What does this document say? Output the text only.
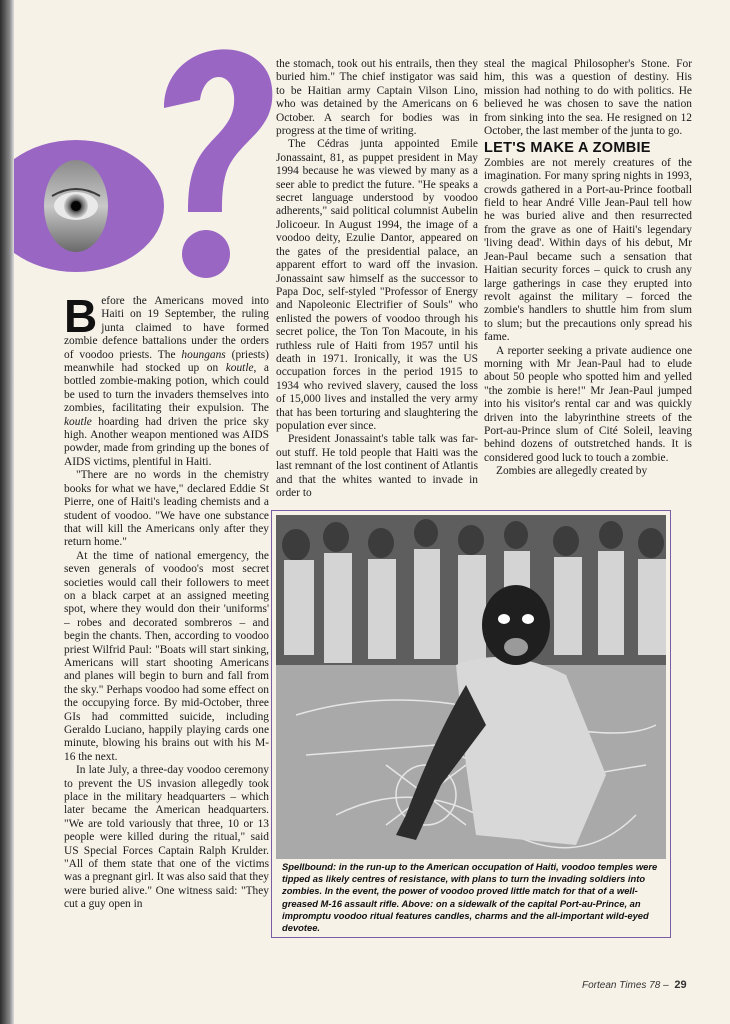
Before the Americans moved into Haiti on 19 September, the ruling junta claimed to have formed zombie defence battalions under the orders of voodoo priests. The houngans (priests) meanwhile had stocked up on koutle, a bottled zombie-making potion, which could be used to turn the invaders themselves into zombies, facilitating their expulsion. The koutle hoarding had driven the price sky high. Another weapon mentioned was AIDS powder, made from grinding up the bones of AIDS victims, plentiful in Haiti.

"There are no words in the chemistry books for what we have," declared Eddie St Pierre, one of Haiti's leading chemists and a student of voodoo. "We have one substance that will kill the Americans only after they return home."

At the time of national emergency, the seven generals of voodoo's most secret societies would call their followers to meet on a black carpet at an assigned meeting spot, where they would don their 'uniforms' – robes and decorated sombreros – and begin the chants. Then, according to voodoo priest Wilfrid Paul: "Boats will start sinking, Americans will start shooting Americans and planes will begin to burn and fall from the sky." Perhaps voodoo had some effect on the occupying force. By mid-October, three GIs had committed suicide, including Geraldo Luciano, happily playing cards one minute, blowing his brains out with his M-16 the next.

In late July, a three-day voodoo ceremony to prevent the US invasion allegedly took place in the military headquarters – which later became the American headquarters. "We are told variously that three, 10 or 13 people were killed during the ritual," said US Special Forces Captain Ralph Krulder. "All of them state that one of the victims was a pregnant girl. It was also said that they were buried alive." One witness said: "They cut a guy open in

the stomach, took out his entrails, then they buried him." The chief instigator was said to be Haitian army Captain Vilson Lino, who was detained by the Americans on 6 October. A search for bodies was in progress at the time of writing.

The Cédras junta appointed Emile Jonassaint, 81, as puppet president in May 1994 because he was viewed by many as a seer able to predict the future. "He speaks a secret language understood by voodoo adherents," said political columnist Aubelin Jolicoeur. In August 1994, the image of a voodoo deity, Ezulie Dantor, appeared on the gates of the presidential palace, an apparent effort to ward off the invasion. Jonassaint saw himself as the successor to Papa Doc, self-styled "Professor of Energy and Napoleonic Electrifier of Souls" who enlisted the powers of voodoo through his secret police, the Ton Ton Macoute, in his ruthless rule of Haiti from 1957 until his death in 1971. Ironically, it was the US occupation forces in the period 1915 to 1934 who revived slavery, caused the loss of 15,000 lives and installed the very army that has been torturing and slaughtering the population ever since.

President Jonassaint's table talk was far-out stuff. He told people that Haiti was the last remnant of the lost continent of Atlantis and that the whites wanted to invade in order to

steal the magical Philosopher's Stone. For him, this was a question of destiny. His mission had nothing to do with politics. He believed he was chosen to save the nation from sinking into the sea. He resigned on 12 October, the last member of the junta to go.

LET'S MAKE A ZOMBIE

Zombies are not merely creatures of the imagination. For many spring nights in 1993, crowds gathered in a Port-au-Prince football field to hear André Ville Jean-Paul tell how he was buried alive and then resurrected from the grave as one of Haiti's legendary 'living dead'. Within days of his debut, Mr Jean-Paul became such a sensation that Haitian security forces – quick to crush any large gatherings in case they erupted into revolt against the military – forced the zombie's handlers to shuttle him from slum to slum; but the precautions only spread his fame.

A reporter seeking a private audience one morning with Mr Jean-Paul had to elude about 50 people who spotted him and yelled "the zombie is here!" Mr Jean-Paul jumped into his visitor's rental car and was quickly driven into the labyrinthine streets of the Port-au-Prince slum of Cité Soleil, leaving behind dozens of outstretched hands. It is considered good luck to touch a zombie.

Zombies are allegedly created by

Spellbound: in the run-up to the American occupation of Haiti, voodoo temples were tipped as likely centres of resistance, with plans to turn the invading soldiers into zombies. In the event, the power of voodoo proved little match for that of a well-greased M-16 assault rifle. Above: on a sidewalk of the capital Port-au-Prince, an impromptu voodoo ritual features candles, charms and the all-important wild-eyed devotee.

Fortean Times 78 – 29
